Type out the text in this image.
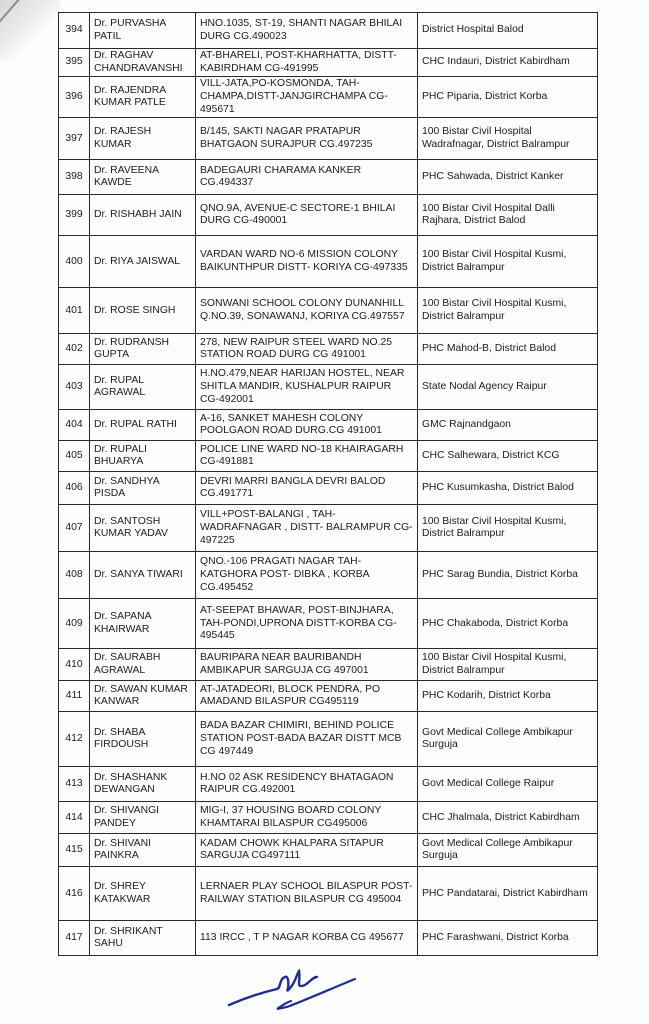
394	Dr. PURVASHA PATIL	HNO.1035, ST-19, SHANTI NAGAR BHILAI DURG CG.490023	District Hospital Balod
395	Dr. RAGHAV CHANDRAVANSHI	AT-BHARELI, POST-KHARHATTA, DISTT-KABIRDHAM CG-491995	CHC Indauri, District Kabirdham
396	Dr. RAJENDRA KUMAR PATLE	VILL-JATA,PO-KOSMONDA, TAH-CHAMPA,DISTT-JANJGIRCHAMPA CG-495671	PHC Piparia, District Korba
397	Dr. RAJESH KUMAR	B/145, SAKTI NAGAR PRATAPUR BHATGAON SURAJPUR CG.497235	100 Bistar Civil Hospital Wadrafnagar, District Balrampur
398	Dr. RAVEENA KAWDE	BADEGAURI CHARAMA KANKER CG.494337	PHC Sahwada, District Kanker
399	Dr. RISHABH JAIN	QNO.9A, AVENUE-C SECTORE-1 BHILAI DURG CG-490001	100 Bistar Civil Hospital Dalli Rajhara, District Balod
400	Dr. RIYA JAISWAL	VARDAN WARD NO-6 MISSION COLONY BAIKUNTHPUR DISTT- KORIYA CG-497335	100 Bistar Civil Hospital Kusmi, District Balrampur
401	Dr. ROSE SINGH	SONWANI SCHOOL COLONY DUNANHILL Q.NO.39, SONAWANJ, KORIYA CG.497557	100 Bistar Civil Hospital Kusmi, District Balrampur
402	Dr. RUDRANSH GUPTA	278, NEW RAIPUR STEEL WARD NO.25 STATION ROAD DURG CG 491001	PHC Mahod-B, District Balod
403	Dr. RUPAL AGRAWAL	H.NO.479,NEAR HARIJAN HOSTEL, NEAR SHITLA MANDIR, KUSHALPUR RAIPUR CG-492001	State Nodal Agency Raipur
404	Dr. RUPAL RATHI	A-16, SANKET MAHESH COLONY POOLGAON ROAD DURG.CG 491001	GMC Rajnandgaon
405	Dr. RUPALI BHUARYA	POLICE LINE WARD NO-18 KHAIRAGARH CG-491881	CHC Salhewara, District KCG
406	Dr. SANDHYA PISDA	DEVRI MARRI BANGLA DEVRI BALOD CG.491771	PHC Kusumkasha, District Balod
407	Dr. SANTOSH KUMAR YADAV	VILL+POST-BALANGI , TAH-WADRAFNAGAR , DISTT- BALRAMPUR CG-497225	100 Bistar Civil Hospital Kusmi, District Balrampur
408	Dr. SANYA TIWARI	QNO.-106 PRAGATI NAGAR TAH-KATGHORA POST- DIBKA , KORBA CG.495452	PHC Sarag Bundia, District Korba
409	Dr. SAPANA KHAIRWAR	AT-SEEPAT BHAWAR, POST-BINJHARA, TAH-PONDI,UPRONA DISTT-KORBA CG-495445	PHC Chakaboda, District Korba
410	Dr. SAURABH AGRAWAL	BAURIPARA NEAR BAURIBANDH AMBIKAPUR SARGUJA CG 497001	100 Bistar Civil Hospital Kusmi, District Balrampur
411	Dr. SAWAN KUMAR KANWAR	AT-JATADEORI, BLOCK PENDRA, PO AMADAND BILASPUR CG495119	PHC Kodarih, District Korba
412	Dr. SHABA FIRDOUSH	BADA BAZAR CHIMIRI, BEHIND POLICE STATION POST-BADA BAZAR DISTT MCB CG 497449	Govt Medical College Ambikapur Surguja
413	Dr. SHASHANK DEWANGAN	H.NO 02 ASK RESIDENCY BHATAGAON RAIPUR CG.492001	Govt Medical College Raipur
414	Dr. SHIVANGI PANDEY	MIG-I, 37 HOUSING BOARD COLONY KHAMTARAI BILASPUR CG495006	CHC Jhalmala, District Kabirdham
415	Dr. SHIVANI PAINKRA	KADAM CHOWK KHALPARA SITAPUR SARGUJA CG497111	Govt Medical College Ambikapur Surguja
416	Dr. SHREY KATAKWAR	LERNAER PLAY SCHOOL BILASPUR POST-RAILWAY STATION BILASPUR CG 495004	PHC Pandatarai, District Kabirdham
417	Dr. SHRIKANT SAHU	113 IRCC , T P NAGAR KORBA CG 495677	PHC Farashwani, District Korba
